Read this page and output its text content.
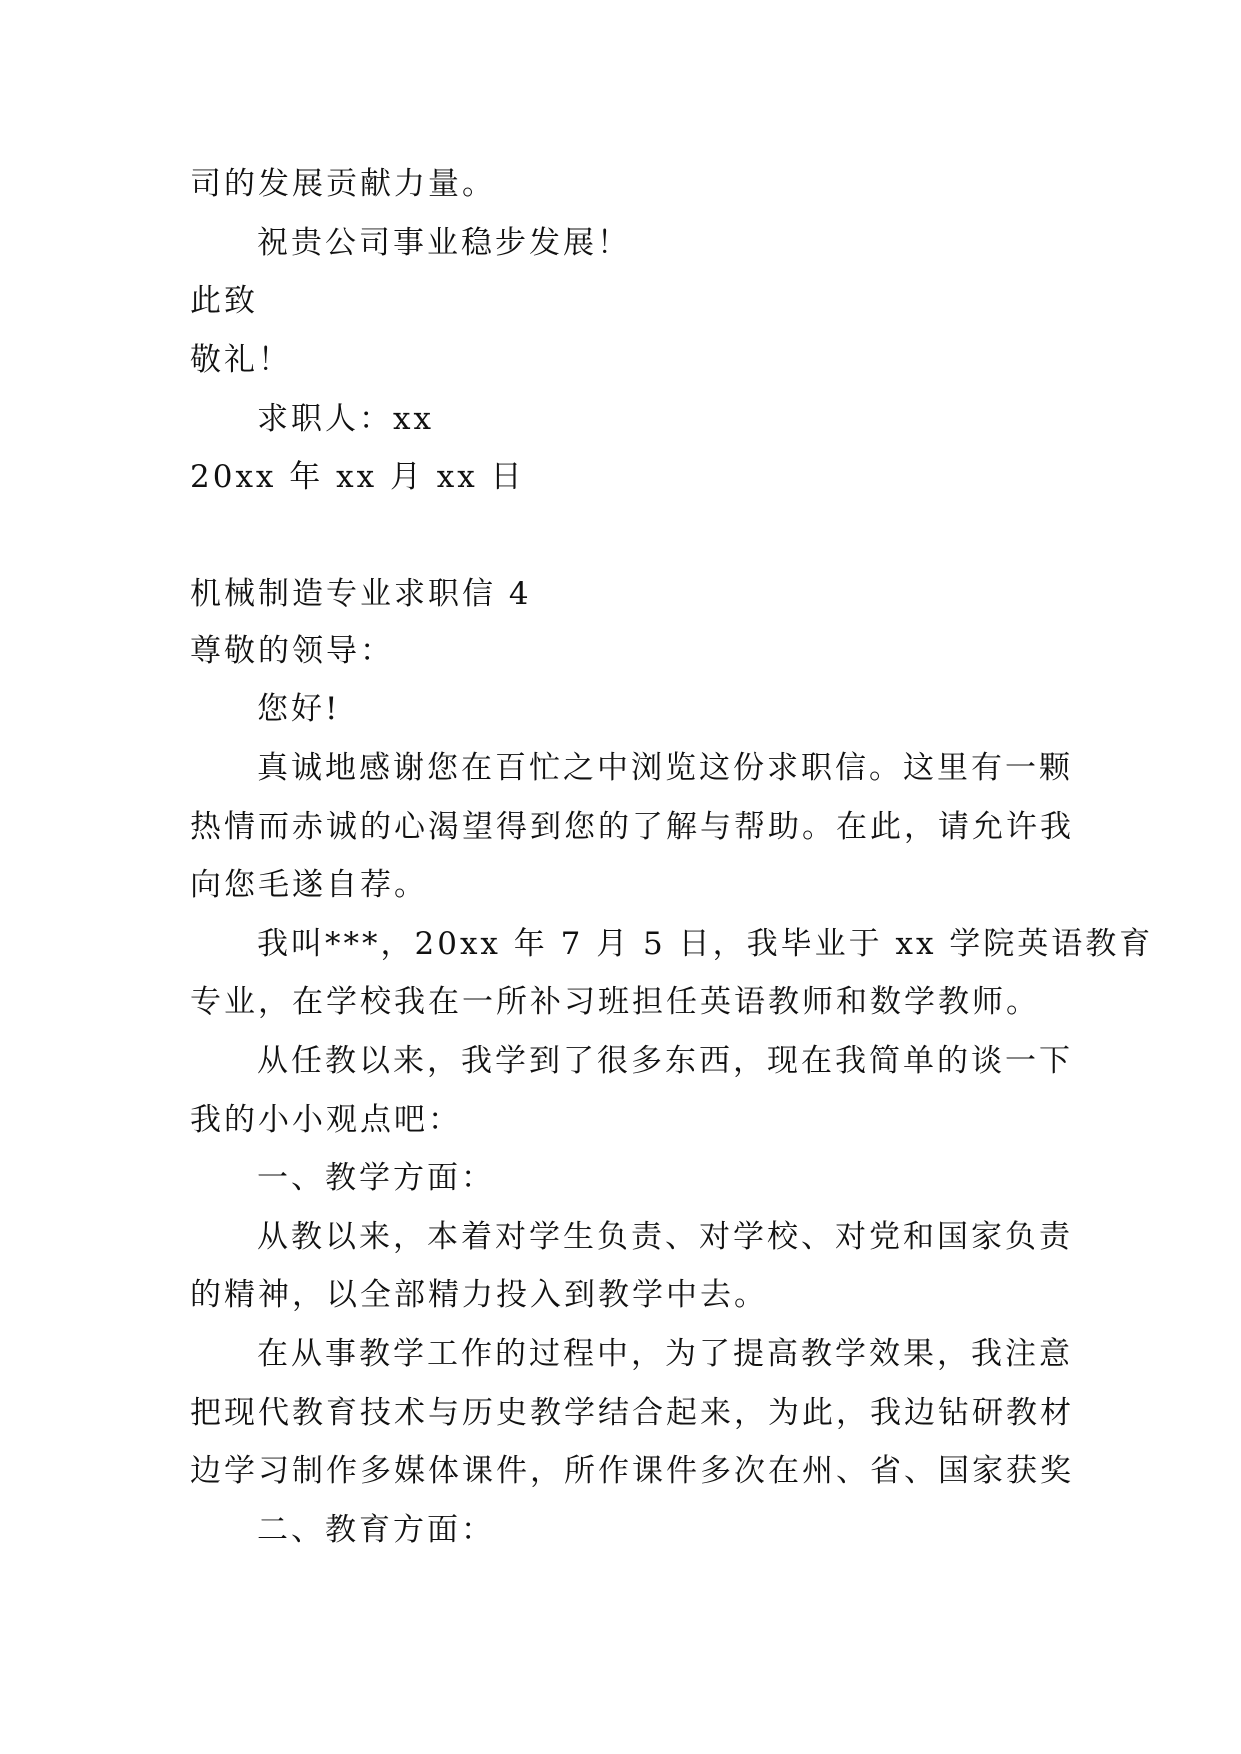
司的发展贡献力量。
祝贵公司事业稳步发展！
此致
敬礼！
求职人：xx
20xx 年 xx 月 xx 日
机械制造专业求职信 4
尊敬的领导：
您好!
真诚地感谢您在百忙之中浏览这份求职信。这里有一颗
热情而赤诚的心渴望得到您的了解与帮助。在此，请允许我
向您毛遂自荐。
我叫***，20xx 年 7 月 5 日，我毕业于 xx 学院英语教育
专业，在学校我在一所补习班担任英语教师和数学教师。
从任教以来，我学到了很多东西，现在我简单的谈一下
我的小小观点吧：
一、教学方面：
从教以来，本着对学生负责、对学校、对党和国家负责
的精神，以全部精力投入到教学中去。
在从事教学工作的过程中，为了提高教学效果，我注意
把现代教育技术与历史教学结合起来，为此，我边钻研教材
边学习制作多媒体课件，所作课件多次在州、省、国家获奖
二、教育方面：
